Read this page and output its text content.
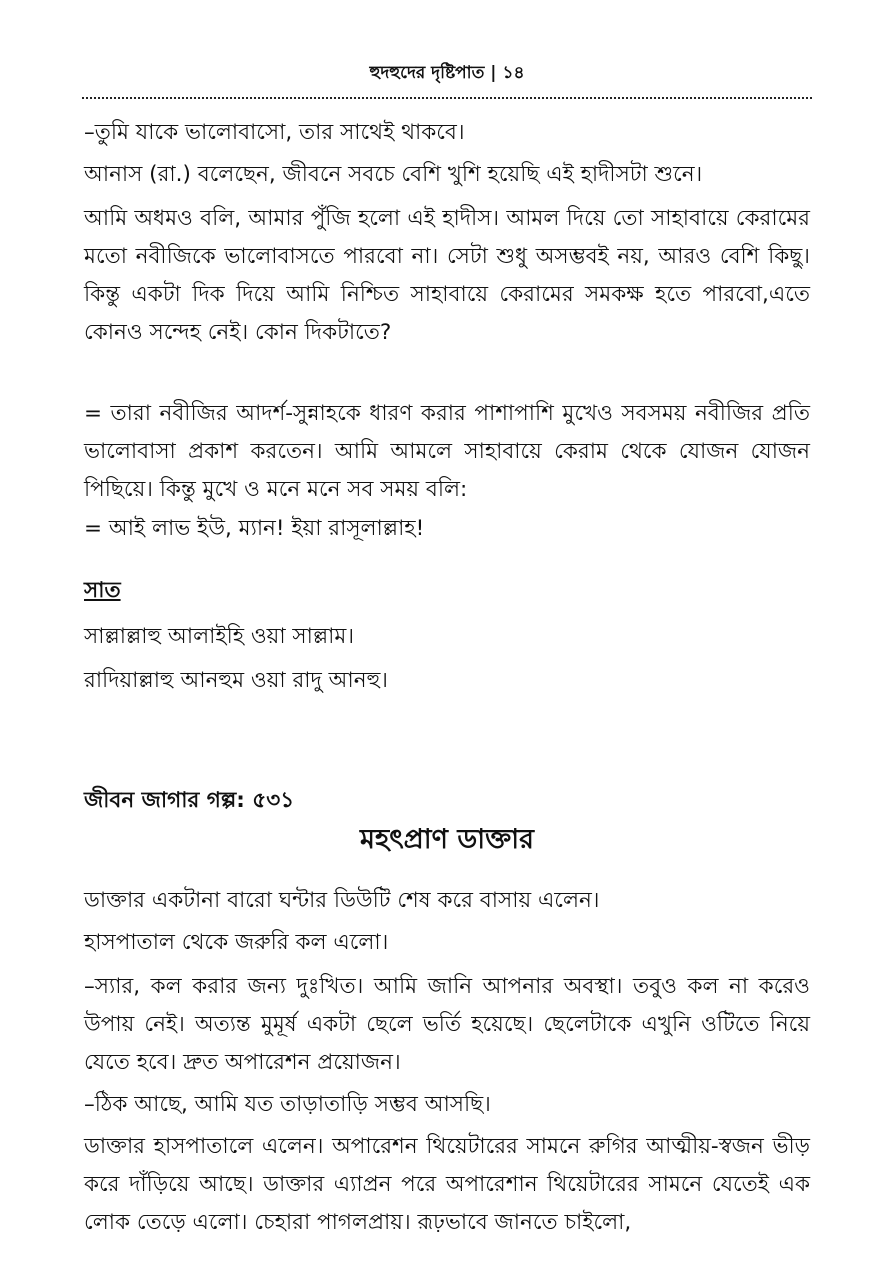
হুদহুদের দৃষ্টিপাত | ১৪
–তুমি যাকে ভালোবাসো, তার সাথেই থাকবে।
আনাস (রা.) বলেছেন, জীবনে সবচে বেশি খুশি হয়েছি এই হাদীসটা শুনে।
আমি অধমও বলি, আমার পুঁজি হলো এই হাদীস। আমল দিয়ে তো সাহাবায়ে কেরামের মতো নবীজিকে ভালোবাসতে পারবো না। সেটা শুধু অসম্ভবই নয়, আরও বেশি কিছু। কিন্তু একটা দিক দিয়ে আমি নিশ্চিত সাহাবায়ে কেরামের সমকক্ষ হতে পারবো,এতে কোনও সন্দেহ নেই। কোন দিকটাতে?
= তারা নবীজির আদর্শ-সুন্নাহকে ধারণ করার পাশাপাশি মুখেও সবসময় নবীজির প্রতি ভালোবাসা প্রকাশ করতেন। আমি আমলে সাহাবায়ে কেরাম থেকে যোজন যোজন পিছিয়ে। কিন্তু মুখে ও মনে মনে সব সময় বলি:
= আই লাভ ইউ, ম্যান! ইয়া রাসূলাল্লাহ!
সাত
সাল্লাল্লাহু আলাইহি ওয়া সাল্লাম।
রাদিয়াল্লাহু আনহুম ওয়া রাদু আনহু।
জীবন জাগার গল্প: ৫৩১
মহৎপ্রাণ ডাক্তার
ডাক্তার একটানা বারো ঘন্টার ডিউটি শেষ করে বাসায় এলেন।
হাসপাতাল থেকে জরুরি কল এলো।
–স্যার, কল করার জন্য দুঃখিত। আমি জানি আপনার অবস্থা। তবুও কল না করেও উপায় নেই। অত্যন্ত মুমূর্ষ একটা ছেলে ভর্তি হয়েছে। ছেলেটাকে এখুনি ওটিতে নিয়ে যেতে হবে। দ্রুত অপারেশন প্রয়োজন।
–ঠিক আছে, আমি যত তাড়াতাড়ি সম্ভব আসছি।
ডাক্তার হাসপাতালে এলেন। অপারেশন থিয়েটারের সামনে রুগির আত্মীয়-স্বজন ভীড় করে দাঁড়িয়ে আছে। ডাক্তার এ্যাপ্রন পরে অপারেশান থিয়েটারের সামনে যেতেই এক লোক তেড়ে এলো। চেহারা পাগলপ্রায়। রূঢ়ভাবে জানতে চাইলো,
